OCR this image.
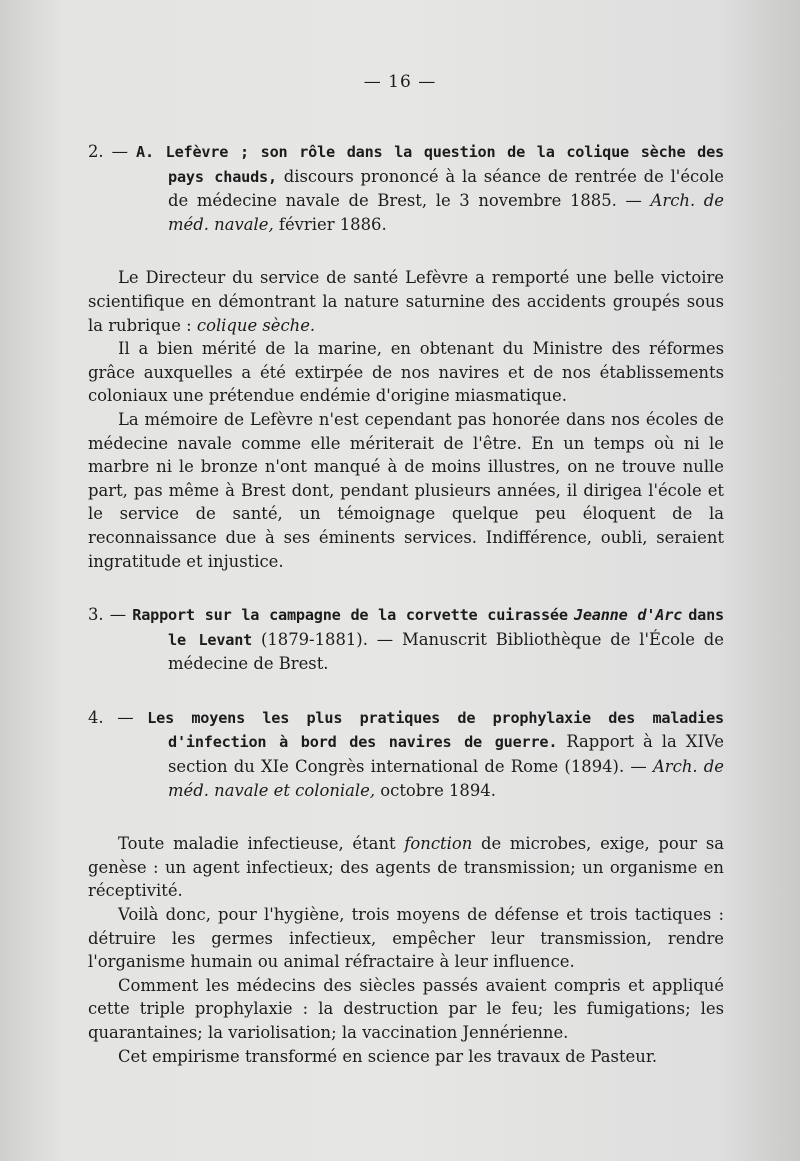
— 16 —

2. — A. Lefèvre ; son rôle dans la question de la colique sèche des pays chauds, discours prononcé à la séance de rentrée de l'école de médecine navale de Brest, le 3 novembre 1885. — Arch. de méd. navale, février 1886.

Le Directeur du service de santé Lefèvre a remporté une belle victoire scientifique en démontrant la nature saturnine des accidents groupés sous la rubrique : colique sèche.

Il a bien mérité de la marine, en obtenant du Ministre des réformes grâce auxquelles a été extirpée de nos navires et de nos établissements coloniaux une prétendue endémie d'origine miasmatique.

La mémoire de Lefèvre n'est cependant pas honorée dans nos écoles de médecine navale comme elle mériterait de l'être. En un temps où ni le marbre ni le bronze n'ont manqué à de moins illustres, on ne trouve nulle part, pas même à Brest dont, pendant plusieurs années, il dirigea l'école et le service de santé, un témoignage quelque peu éloquent de la reconnaissance due à ses éminents services. Indifférence, oubli, seraient ingratitude et injustice.

3. — Rapport sur la campagne de la corvette cuirassée Jeanne d'Arc dans le Levant (1879-1881). — Manuscrit Bibliothèque de l'École de médecine de Brest.

4. — Les moyens les plus pratiques de prophylaxie des maladies d'infection à bord des navires de guerre. Rapport à la XIVe section du XIe Congrès international de Rome (1894). — Arch. de méd. navale et coloniale, octobre 1894.

Toute maladie infectieuse, étant fonction de microbes, exige, pour sa genèse : un agent infectieux; des agents de transmission; un organisme en réceptivité.

Voilà donc, pour l'hygiène, trois moyens de défense et trois tactiques : détruire les germes infectieux, empêcher leur transmission, rendre l'organisme humain ou animal réfractaire à leur influence.

Comment les médecins des siècles passés avaient compris et appliqué cette triple prophylaxie : la destruction par le feu; les fumigations; les quarantaines; la variolisation; la vaccination Jennérienne.

Cet empirisme transformé en science par les travaux de Pasteur.
